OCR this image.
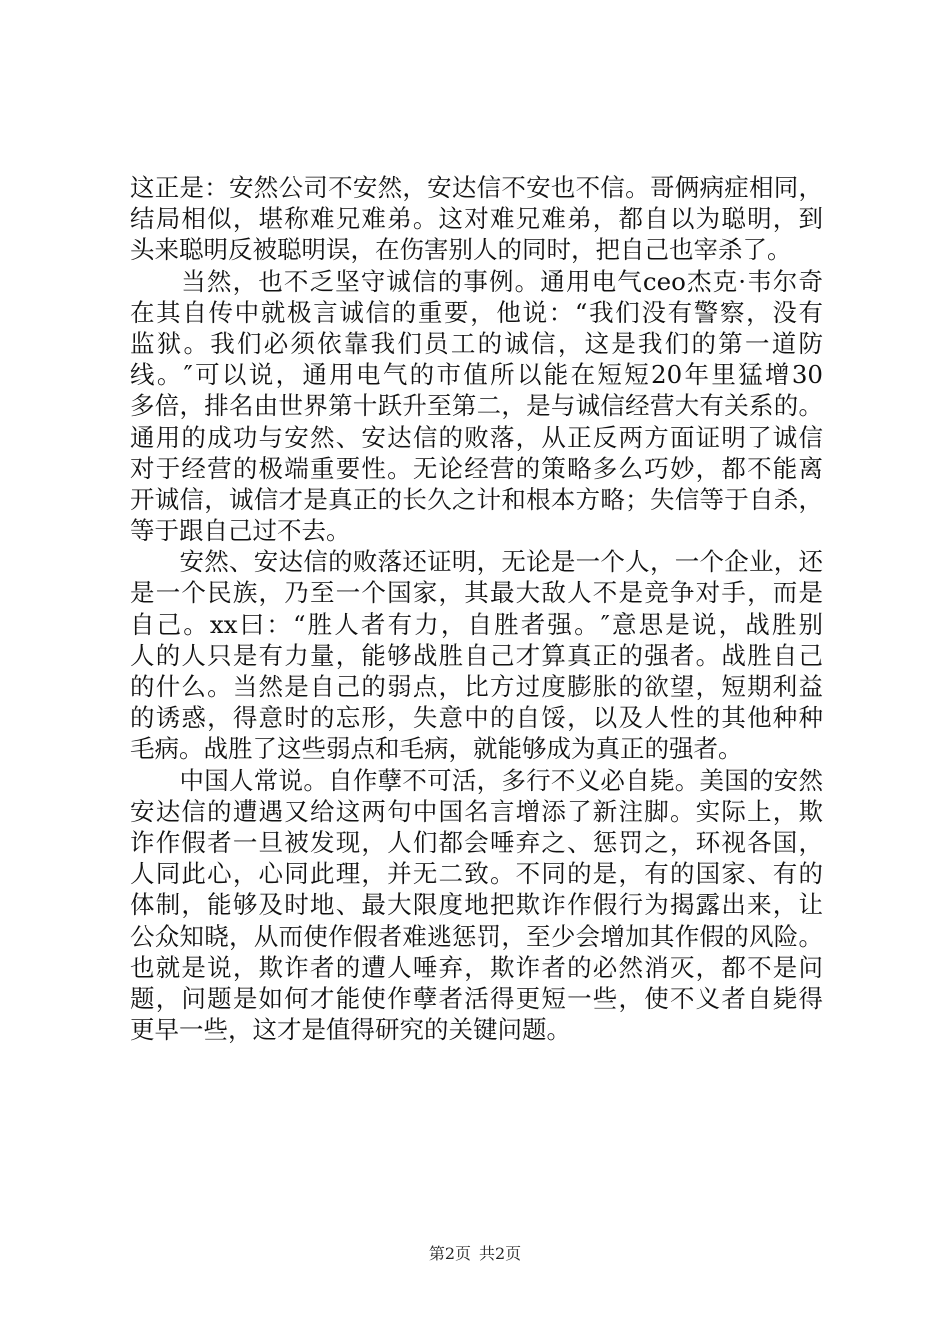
这正是：安然公司不安然，安达信不安也不信。哥俩病症相同，
结局相似，堪称难兄难弟。这对难兄难弟，都自以为聪明，到
头来聪明反被聪明误，在伤害别人的同时，把自己也宰杀了。
　　当然，也不乏坚守诚信的事例。通用电气ceo杰克·韦尔奇
在其自传中就极言诚信的重要，他说：“我们没有警察，没有
监狱。我们必须依靠我们员工的诚信，这是我们的第一道防
线。″可以说，通用电气的市值所以能在短短20年里猛增30
多倍，排名由世界第十跃升至第二，是与诚信经营大有关系的。
通用的成功与安然、安达信的败落，从正反两方面证明了诚信
对于经营的极端重要性。无论经营的策略多么巧妙，都不能离
开诚信，诚信才是真正的长久之计和根本方略；失信等于自杀，
等于跟自己过不去。
　　安然、安达信的败落还证明，无论是一个人，一个企业，还
是一个民族，乃至一个国家，其最大敌人不是竞争对手，而是
自己。xx曰：“胜人者有力，自胜者强。″意思是说，战胜别
人的人只是有力量，能够战胜自己才算真正的强者。战胜自己
的什么。当然是自己的弱点，比方过度膨胀的欲望，短期利益
的诱惑，得意时的忘形，失意中的自馁，以及人性的其他种种
毛病。战胜了这些弱点和毛病，就能够成为真正的强者。
　　中国人常说。自作孽不可活，多行不义必自毙。美国的安然
安达信的遭遇又给这两句中国名言增添了新注脚。实际上，欺
诈作假者一旦被发现，人们都会唾弃之、惩罚之，环视各国，
人同此心，心同此理，并无二致。不同的是，有的国家、有的
体制，能够及时地、最大限度地把欺诈作假行为揭露出来，让
公众知晓，从而使作假者难逃惩罚，至少会增加其作假的风险。
也就是说，欺诈者的遭人唾弃，欺诈者的必然消灭，都不是问
题，问题是如何才能使作孽者活得更短一些，使不义者自毙得
更早一些，这才是值得研究的关键问题。
第2页 共2页
